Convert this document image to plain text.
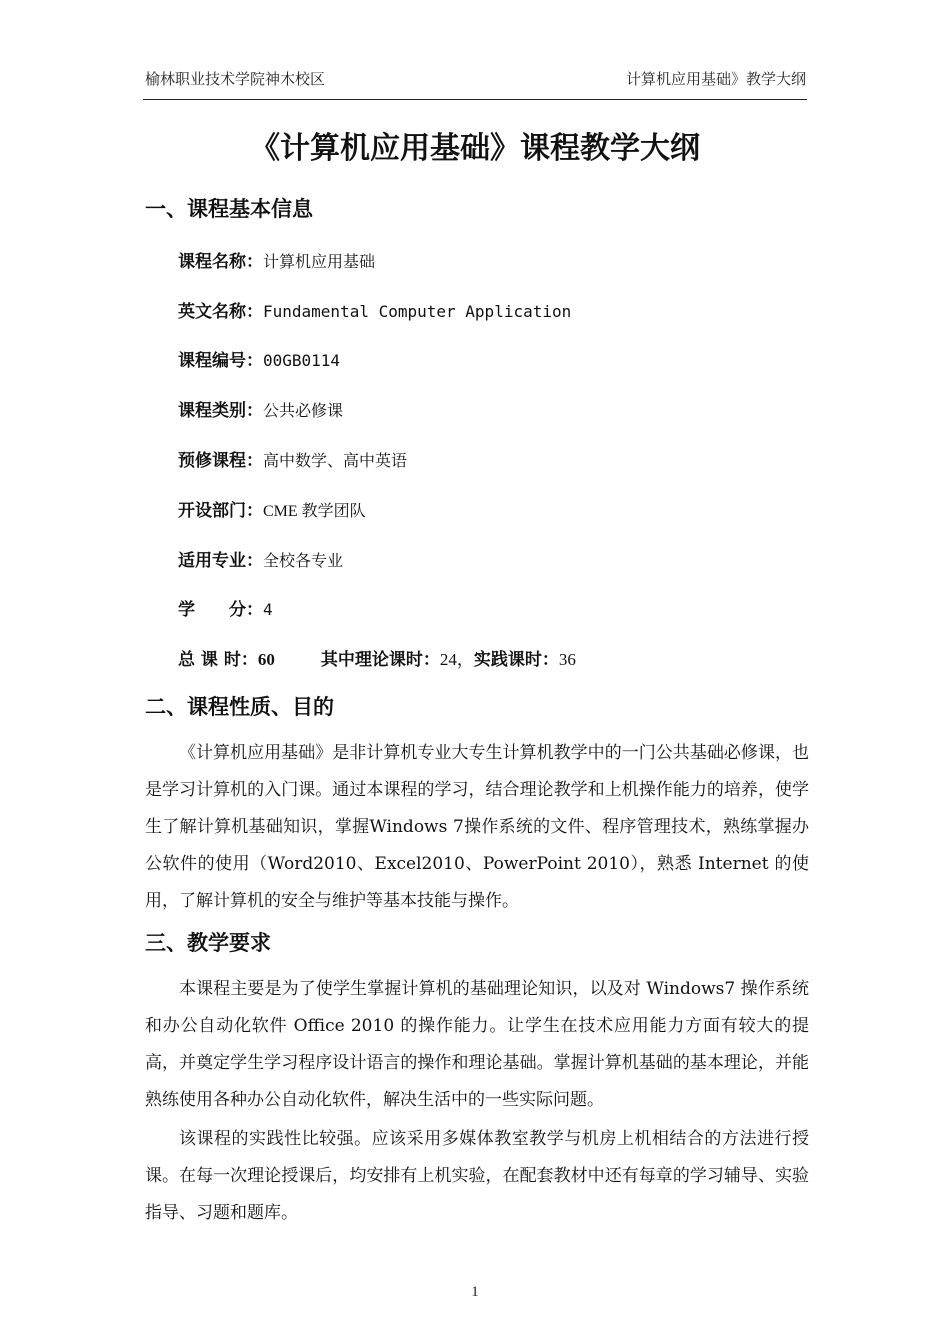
榆林职业技术学院神木校区	计算机应用基础》教学大纲
《计算机应用基础》课程教学大纲
一、课程基本信息
课程名称：计算机应用基础
英文名称：Fundamental Computer Application
课程编号：00GB0114
课程类别：公共必修课
预修课程：高中数学、高中英语
开设部门：CME 教学团队
适用专业：全校各专业
学　　分：4
总 课 时：60	其中理论课时：24，实践课时：36
二、课程性质、目的
《计算机应用基础》是非计算机专业大专生计算机教学中的一门公共基础必修课，也是学习计算机的入门课。通过本课程的学习，结合理论教学和上机操作能力的培养，使学生了解计算机基础知识，掌握Windows 7操作系统的文件、程序管理技术，熟练掌握办公软件的使用（Word2010、Excel2010、PowerPoint 2010），熟悉 Internet 的使用，了解计算机的安全与维护等基本技能与操作。
三、教学要求
本课程主要是为了使学生掌握计算机的基础理论知识，以及对 Windows7 操作系统和办公自动化软件 Office 2010 的操作能力。让学生在技术应用能力方面有较大的提高，并奠定学生学习程序设计语言的操作和理论基础。掌握计算机基础的基本理论，并能熟练使用各种办公自动化软件，解决生活中的一些实际问题。
该课程的实践性比较强。应该采用多媒体教室教学与机房上机相结合的方法进行授课。在每一次理论授课后，均安排有上机实验，在配套教材中还有每章的学习辅导、实验指导、习题和题库。
1
